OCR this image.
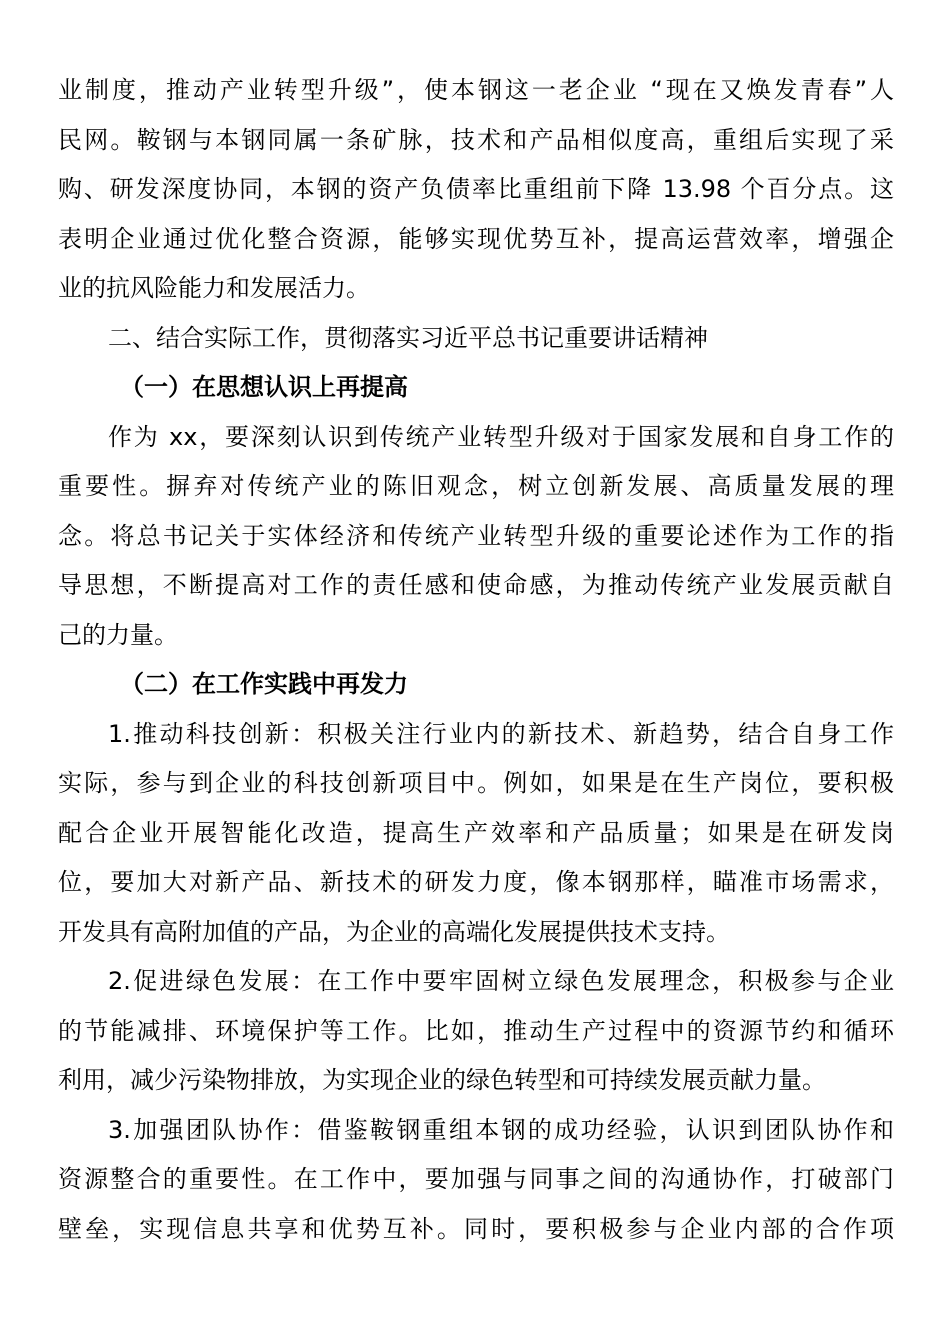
业制度，推动产业转型升级”，使本钢这一老企业 “现在又焕发青春”人
民网。鞍钢与本钢同属一条矿脉，技术和产品相似度高，重组后实现了采
购、研发深度协同，本钢的资产负债率比重组前下降 13.98 个百分点。这
表明企业通过优化整合资源，能够实现优势互补，提高运营效率，增强企
业的抗风险能力和发展活力。
二、结合实际工作，贯彻落实习近平总书记重要讲话精神
（一）在思想认识上再提高
作为 xx，要深刻认识到传统产业转型升级对于国家发展和自身工作的
重要性。摒弃对传统产业的陈旧观念，树立创新发展、高质量发展的理
念。将总书记关于实体经济和传统产业转型升级的重要论述作为工作的指
导思想，不断提高对工作的责任感和使命感，为推动传统产业发展贡献自
己的力量。
（二）在工作实践中再发力
1.推动科技创新：积极关注行业内的新技术、新趋势，结合自身工作
实际，参与到企业的科技创新项目中。例如，如果是在生产岗位，要积极
配合企业开展智能化改造，提高生产效率和产品质量；如果是在研发岗
位，要加大对新产品、新技术的研发力度，像本钢那样，瞄准市场需求，
开发具有高附加值的产品，为企业的高端化发展提供技术支持。
2.促进绿色发展：在工作中要牢固树立绿色发展理念，积极参与企业
的节能减排、环境保护等工作。比如，推动生产过程中的资源节约和循环
利用，减少污染物排放，为实现企业的绿色转型和可持续发展贡献力量。
3.加强团队协作：借鉴鞍钢重组本钢的成功经验，认识到团队协作和
资源整合的重要性。在工作中，要加强与同事之间的沟通协作，打破部门
壁垒，实现信息共享和优势互补。同时，要积极参与企业内部的合作项
